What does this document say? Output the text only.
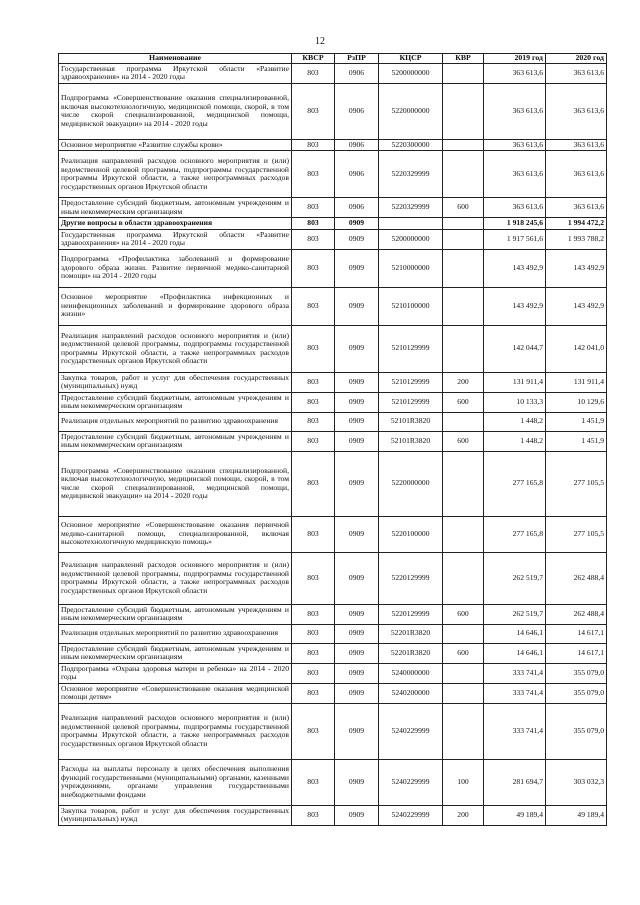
12
Наименование	КВСР	РзПР	КЦСР	КВР	2019 год	2020 год
Государственная программа Иркутской области «Развитие здравоохранения» на 2014 - 2020 годы	803	0906	5200000000		363 613,6	363 613,6
Подпрограмма «Совершенствование оказания специализированной, включая высокотехнологичную, медицинской помощи, скорой, в том числе скорой специализированной, медицинской помощи, медицинской эвакуации» на 2014 - 2020 годы	803	0906	5220000000		363 613,6	363 613,6
Основное мероприятие «Развитие службы крови»	803	0906	5220300000		363 613,6	363 613,6
Реализация направлений расходов основного мероприятия и (или) ведомственной целевой программы, подпрограммы государственной программы Иркутской области, а также непрограммных расходов государственных органов Иркутской области	803	0906	5220329999		363 613,6	363 613,6
Предоставление субсидий бюджетным, автономным учреждениям и иным некоммерческим организациям	803	0906	5220329999	600	363 613,6	363 613,6
Другие вопросы в области здравоохранения	803	0909			1 918 245,6	1 994 472,2
Государственная программа Иркутской области «Развитие здравоохранения» на 2014 - 2020 годы	803	0909	5200000000		1 917 561,6	1 993 788,2
Подпрограмма «Профилактика заболеваний и формирование здорового образа жизни. Развитие первичной медико-санитарной помощи» на 2014 - 2020 годы	803	0909	5210000000		143 492,9	143 492,9
Основное мероприятие «Профилактика инфекционных и неинфекционных заболеваний и формирование здорового образа жизни»	803	0909	5210100000		143 492,9	143 492,9
Реализация направлений расходов основного мероприятия и (или) ведомственной целевой программы, подпрограммы государственной программы Иркутской области, а также непрограммных расходов государственных органов Иркутской области	803	0909	5210129999		142 044,7	142 041,0
Закупка товаров, работ и услуг для обеспечения государственных (муниципальных) нужд	803	0909	5210129999	200	131 911,4	131 911,4
Предоставление субсидий бюджетным, автономным учреждениям и иным некоммерческим организациям	803	0909	5210129999	600	10 133,3	10 129,6
Реализация отдельных мероприятий по развитию здравоохранения	803	0909	52101R3820		1 448,2	1 451,9
Предоставление субсидий бюджетным, автономным учреждениям и иным некоммерческим организациям	803	0909	52101R3820	600	1 448,2	1 451,9
Подпрограмма «Совершенствование оказания специализированной, включая высокотехнологичную, медицинской помощи, скорой, в том числе скорой специализированной, медицинской помощи, медицинской эвакуации» на 2014 - 2020 годы	803	0909	5220000000		277 165,8	277 105,5
Основное мероприятие «Совершенствование оказания первичной медико-санитарной помощи, специализированной, включая высокотехнологичную медицинскую помощь»	803	0909	5220100000		277 165,8	277 105,5
Реализация направлений расходов основного мероприятия и (или) ведомственной целевой программы, подпрограммы государственной программы Иркутской области, а также непрограммных расходов государственных органов Иркутской области	803	0909	5220129999		262 519,7	262 488,4
Предоставление субсидий бюджетным, автономным учреждениям и иным некоммерческим организациям	803	0909	5220129999	600	262 519,7	262 488,4
Реализация отдельных мероприятий по развитию здравоохранения	803	0909	52201R3820		14 646,1	14 617,1
Предоставление субсидий бюджетным, автономным учреждениям и иным некоммерческим организациям	803	0909	52201R3820	600	14 646,1	14 617,1
Подпрограмма «Охрана здоровья матери и ребенка» на 2014 - 2020 годы	803	0909	5240000000		333 741,4	355 079,0
Основное мероприятие «Совершенствование оказания медицинской помощи детям»	803	0909	5240200000		333 741,4	355 079,0
Реализация направлений расходов основного мероприятия и (или) ведомственной целевой программы, подпрограммы государственной программы Иркутской области, а также непрограммных расходов государственных органов Иркутской области	803	0909	5240229999		333 741,4	355 079,0
Расходы на выплаты персоналу в целях обеспечения выполнения функций государственными (муниципальными) органами, казенными учреждениями, органами управления государственными внебюджетными фондами	803	0909	5240229999	100	281 694,7	303 032,3
Закупка товаров, работ и услуг для обеспечения государственных (муниципальных) нужд	803	0909	5240229999	200	49 189,4	49 189,4
